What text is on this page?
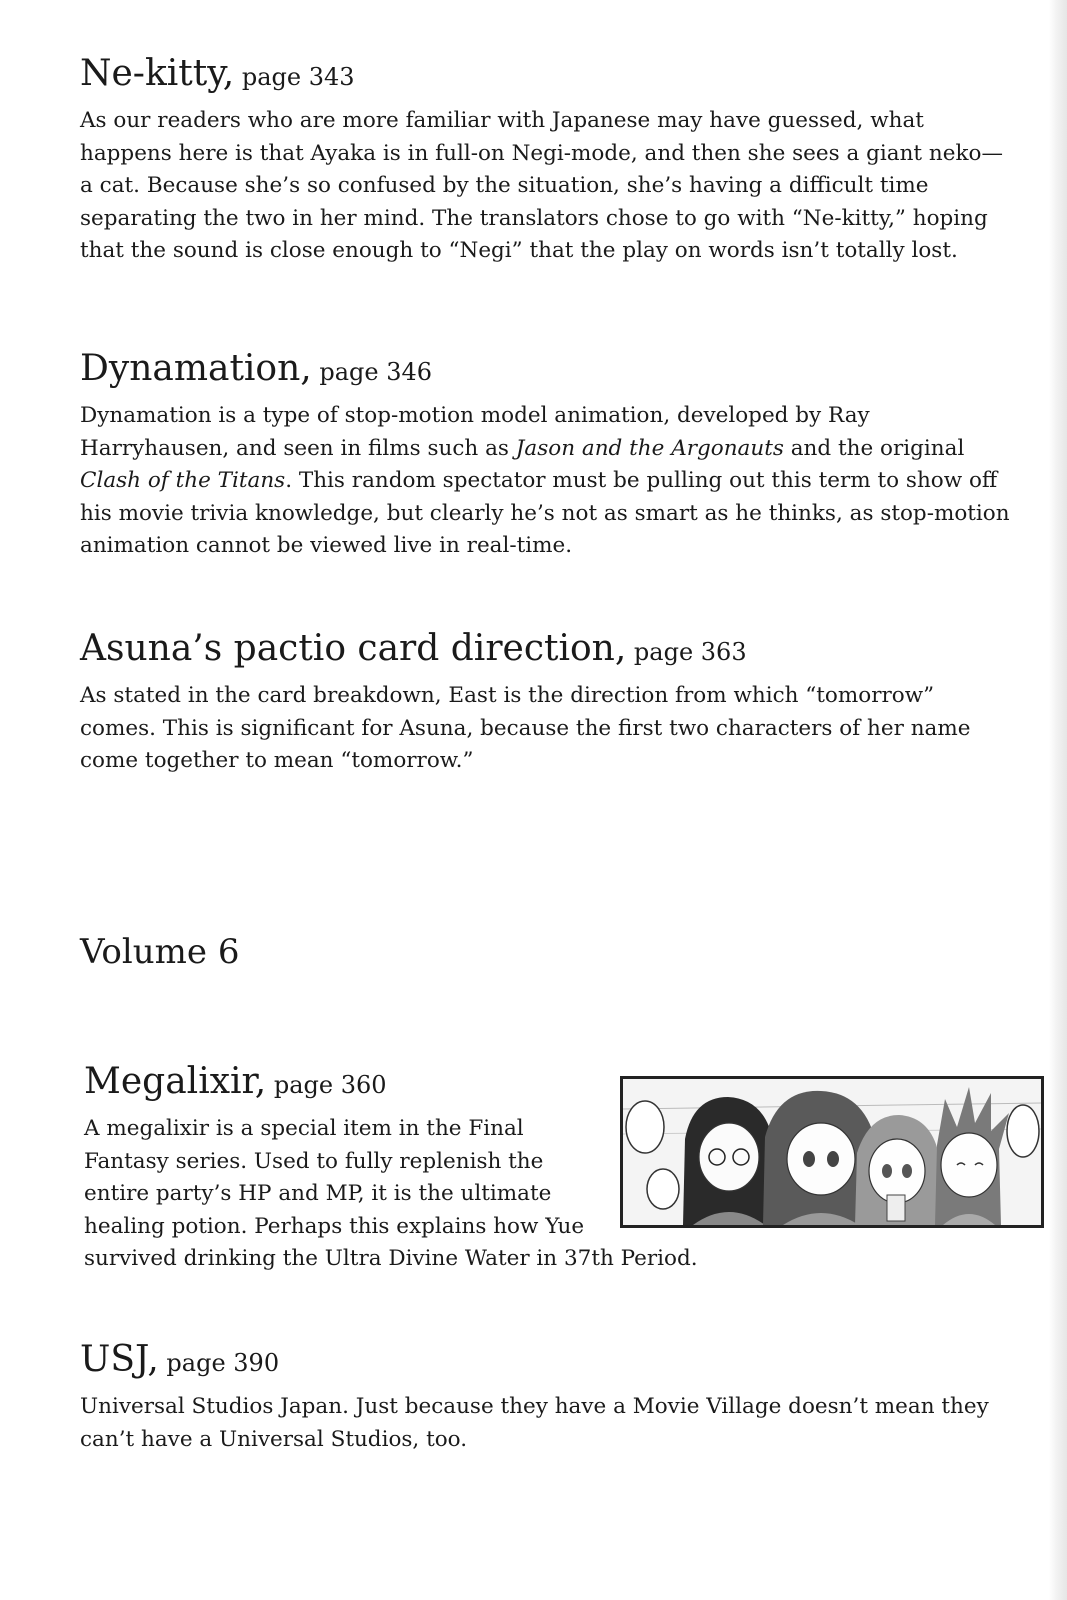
Ne-kitty, page 343

As our readers who are more familiar with Japanese may have guessed, what happens here is that Ayaka is in full-on Negi-mode, and then she sees a giant neko—a cat. Because she’s so confused by the situation, she’s having a difficult time separating the two in her mind. The translators chose to go with “Ne-kitty,” hoping that the sound is close enough to “Negi” that the play on words isn’t totally lost.

Dynamation, page 346

Dynamation is a type of stop-motion model animation, developed by Ray Harryhausen, and seen in films such as Jason and the Argonauts and the original Clash of the Titans. This random spectator must be pulling out this term to show off his movie trivia knowledge, but clearly he’s not as smart as he thinks, as stop-motion animation cannot be viewed live in real-time.

Asuna’s pactio card direction, page 363

As stated in the card breakdown, East is the direction from which “tomorrow” comes. This is significant for Asuna, because the first two characters of her name come together to mean “tomorrow.”

Volume 6
Megalixir, page 360

A megalixir is a special item in the Final Fantasy series. Used to fully replenish the entire party’s HP and MP, it is the ultimate healing potion. Perhaps this explains how Yue survived drinking the Ultra Divine Water in 37th Period.

USJ, page 390

Universal Studios Japan. Just because they have a Movie Village doesn’t mean they can’t have a Universal Studios, too.
